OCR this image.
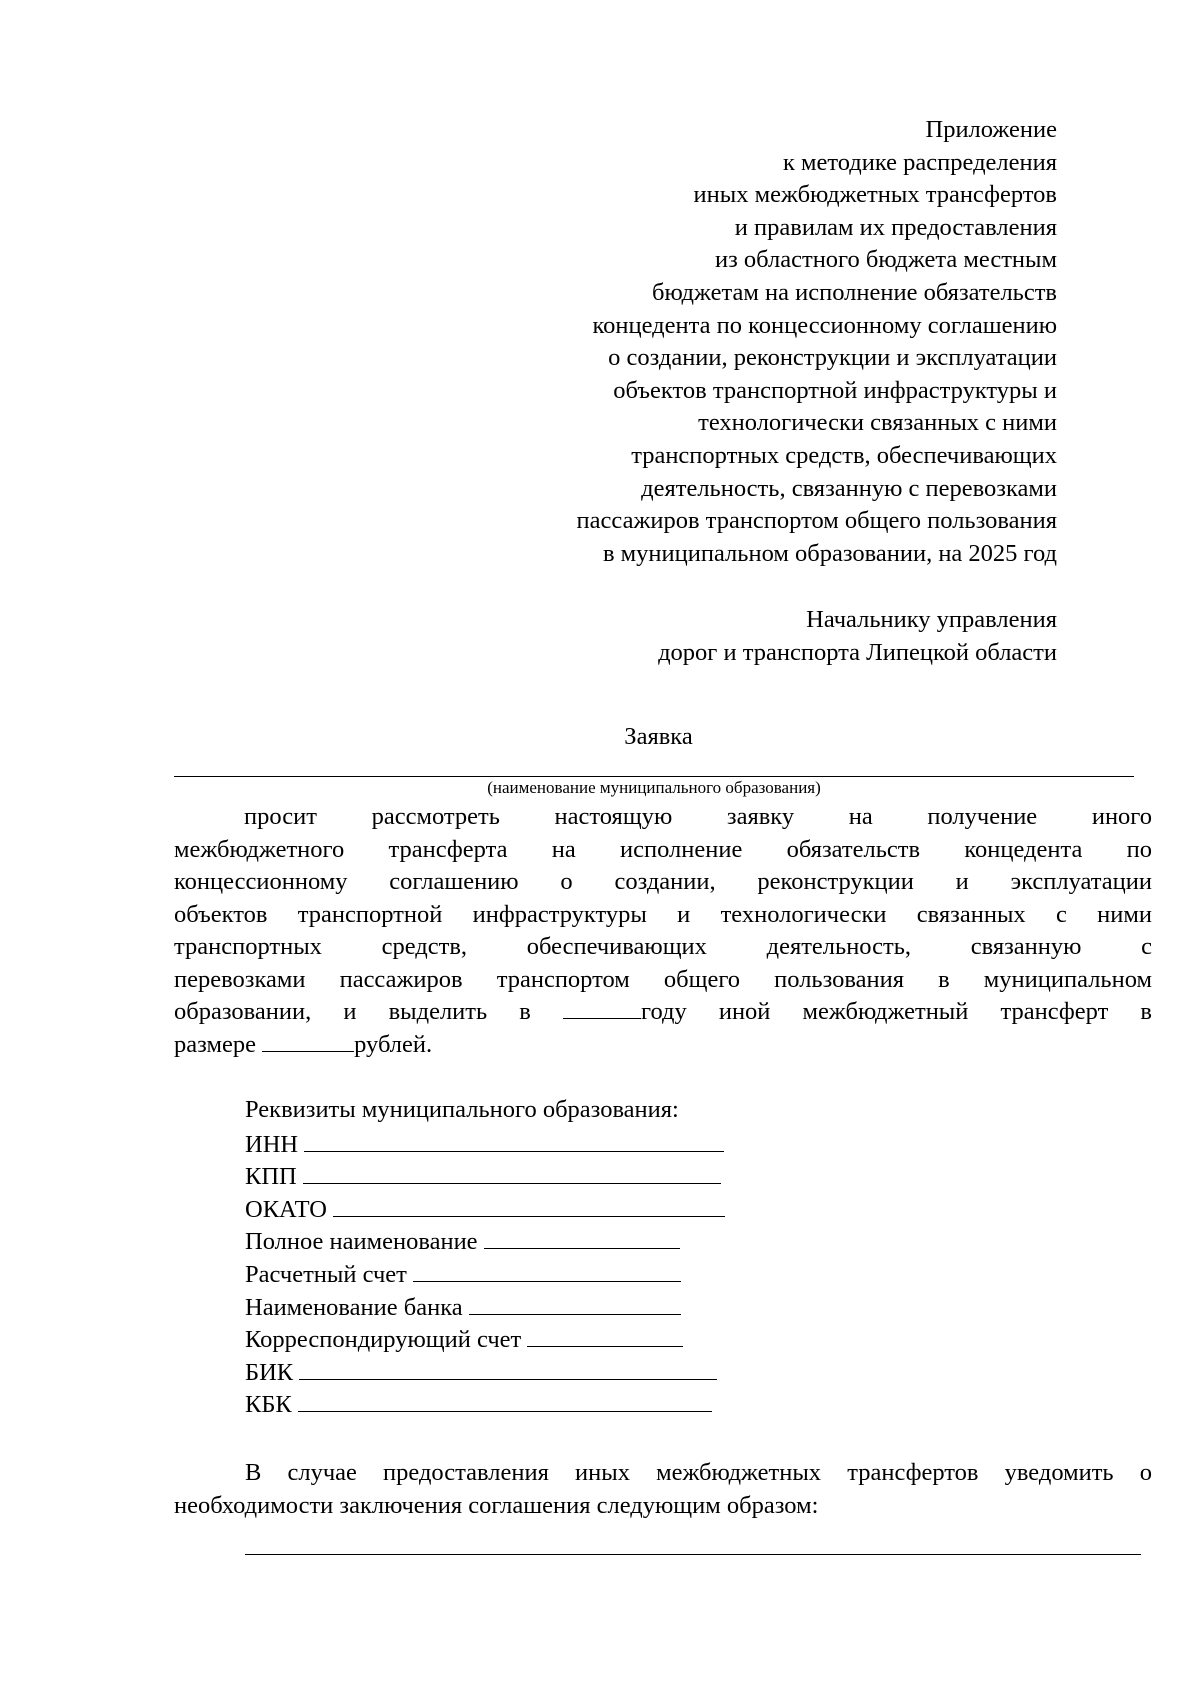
Приложение
к методике распределения
иных межбюджетных трансфертов
и правилам их предоставления
из областного бюджета местным
бюджетам на исполнение обязательств
концедента по концессионному соглашению
о создании, реконструкции и эксплуатации
объектов транспортной инфраструктуры и
технологически связанных с ними
транспортных средств, обеспечивающих
деятельность, связанную с перевозками
пассажиров транспортом общего пользования
в муниципальном образовании, на 2025 год
Начальнику управления
дорог и транспорта Липецкой области
Заявка
(наименование муниципального образования)
просит рассмотреть настоящую заявку на получение иного
межбюджетного трансферта на исполнение обязательств концедента по
концессионному соглашению о создании, реконструкции и эксплуатации
объектов транспортной инфраструктуры и технологически связанных с ними
транспортных средств, обеспечивающих деятельность, связанную с
перевозками пассажиров транспортом общего пользования в муниципальном
образовании, и выделить в	году иной межбюджетный трансферт в
размере	рублей.
Реквизиты муниципального образования:
ИНН
КПП
ОКАТО
Полное наименование
Расчетный счет
Наименование банка
Корреспондирующий счет
БИК
КБК
В случае предоставления иных межбюджетных трансфертов уведомить о
необходимости заключения соглашения следующим образом:
